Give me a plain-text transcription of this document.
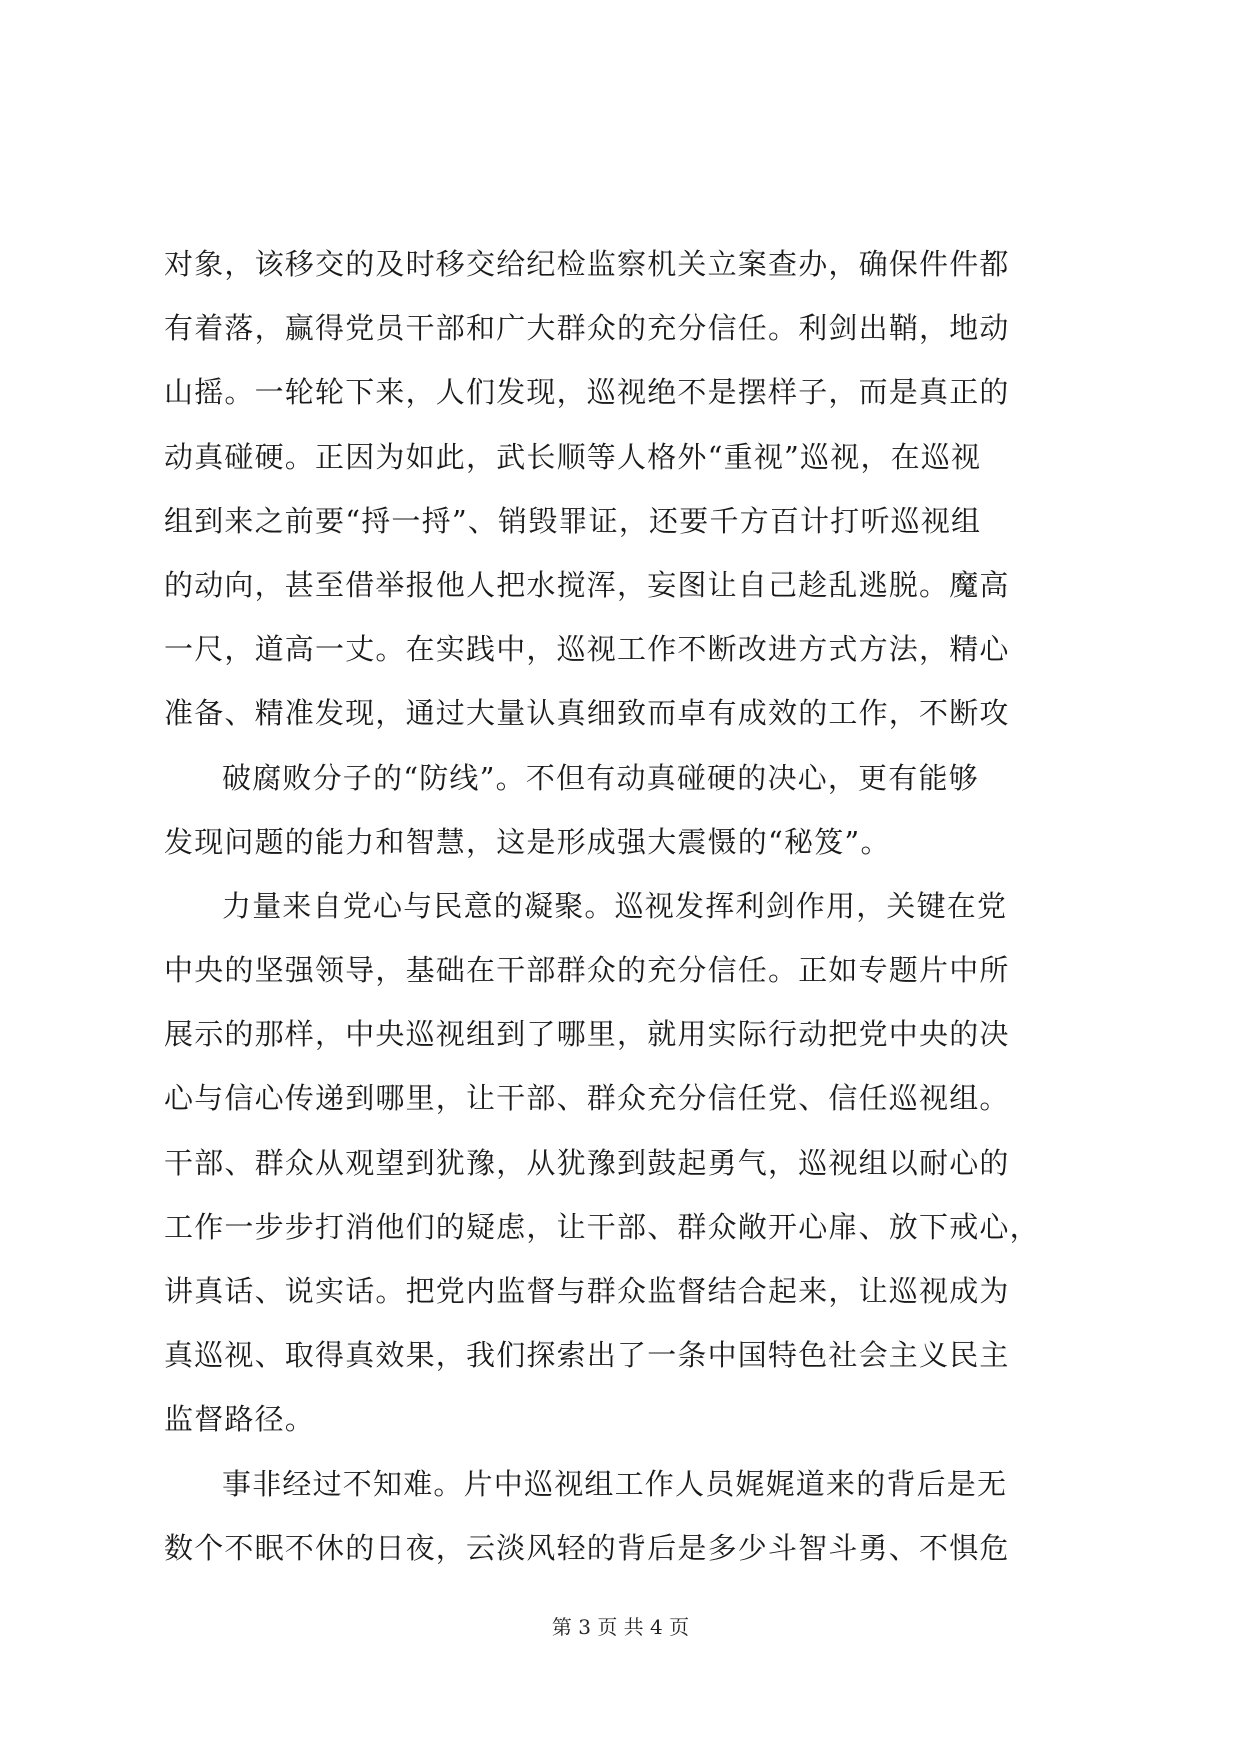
对象，该移交的及时移交给纪检监察机关立案查办，确保件件都
有着落，赢得党员干部和广大群众的充分信任。利剑出鞘，地动
山摇。一轮轮下来，人们发现，巡视绝不是摆样子，而是真正的
动真碰硬。正因为如此，武长顺等人格外“重视”巡视，在巡视
组到来之前要“捋一捋”、销毁罪证，还要千方百计打听巡视组
的动向，甚至借举报他人把水搅浑，妄图让自己趁乱逃脱。魔高
一尺，道高一丈。在实践中，巡视工作不断改进方式方法，精心
准备、精准发现，通过大量认真细致而卓有成效的工作，不断攻
破腐败分子的“防线”。不但有动真碰硬的决心，更有能够
发现问题的能力和智慧，这是形成强大震慑的“秘笈”。
力量来自党心与民意的凝聚。巡视发挥利剑作用，关键在党
中央的坚强领导，基础在干部群众的充分信任。正如专题片中所
展示的那样，中央巡视组到了哪里，就用实际行动把党中央的决
心与信心传递到哪里，让干部、群众充分信任党、信任巡视组。
干部、群众从观望到犹豫，从犹豫到鼓起勇气，巡视组以耐心的
工作一步步打消他们的疑虑，让干部、群众敞开心扉、放下戒心，
讲真话、说实话。把党内监督与群众监督结合起来，让巡视成为
真巡视、取得真效果，我们探索出了一条中国特色社会主义民主
监督路径。
事非经过不知难。片中巡视组工作人员娓娓道来的背后是无
数个不眠不休的日夜，云淡风轻的背后是多少斗智斗勇、不惧危
第 3 页 共 4 页
